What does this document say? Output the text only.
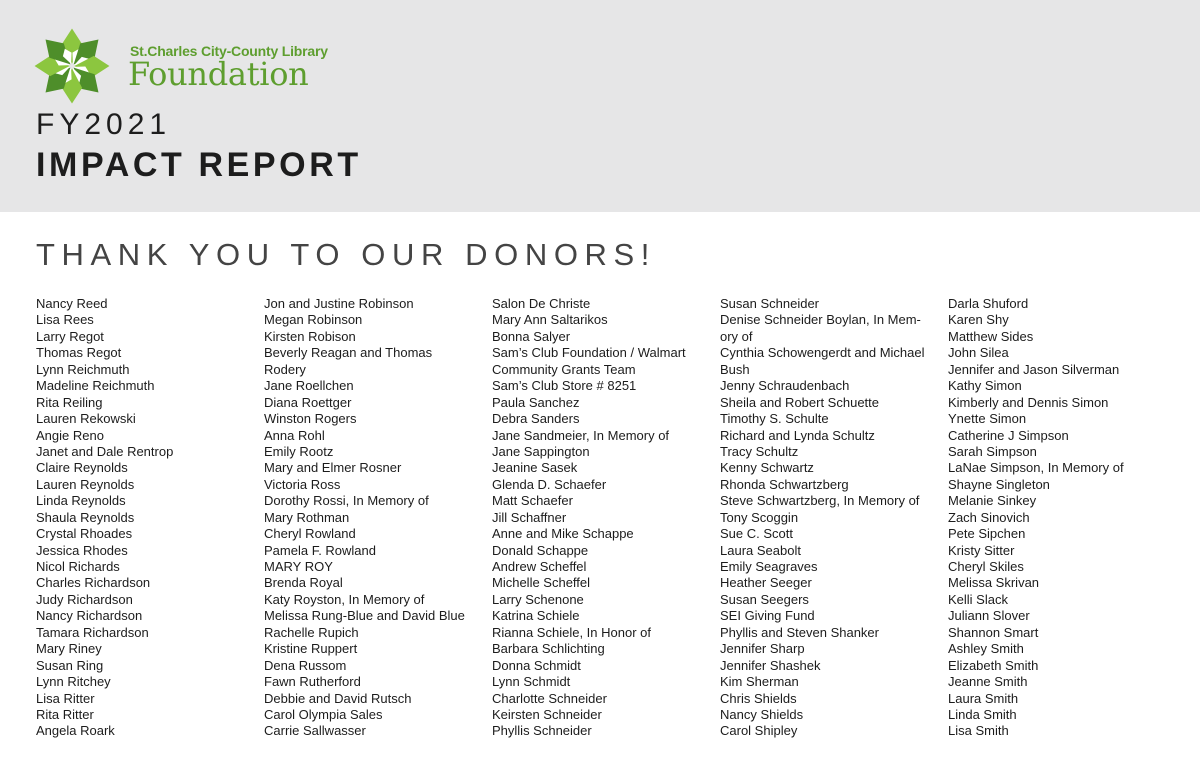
St.Charles City-County Library
Foundation
FY2021
IMPACT REPORT
THANK YOU TO OUR DONORS!
Nancy Reed
Lisa Rees
Larry Regot
Thomas Regot
Lynn Reichmuth
Madeline Reichmuth
Rita Reiling
Lauren Rekowski
Angie Reno
Janet and Dale Rentrop
Claire Reynolds
Lauren Reynolds
Linda Reynolds
Shaula Reynolds
Crystal Rhoades
Jessica Rhodes
Nicol Richards
Charles Richardson
Judy Richardson
Nancy Richardson
Tamara Richardson
Mary Riney
Susan Ring
Lynn Ritchey
Lisa Ritter
Rita Ritter
Angela Roark
Jon and Justine Robinson
Megan Robinson
Kirsten Robison
Beverly Reagan and Thomas
Rodery
Jane Roellchen
Diana Roettger
Winston Rogers
Anna Rohl
Emily Rootz
Mary and Elmer Rosner
Victoria Ross
Dorothy Rossi, In Memory of
Mary Rothman
Cheryl Rowland
Pamela F. Rowland
MARY ROY
Brenda Royal
Katy Royston, In Memory of
Melissa Rung-Blue and David Blue
Rachelle Rupich
Kristine Ruppert
Dena Russom
Fawn Rutherford
Debbie and David Rutsch
Carol Olympia Sales
Carrie Sallwasser
Salon De Christe
Mary Ann Saltarikos
Bonna Salyer
Sam’s Club Foundation / Walmart
Community Grants Team
Sam’s Club Store # 8251
Paula Sanchez
Debra Sanders
Jane Sandmeier, In Memory of
Jane Sappington
Jeanine Sasek
Glenda D. Schaefer
Matt Schaefer
Jill Schaffner
Anne and Mike Schappe
Donald Schappe
Andrew Scheffel
Michelle Scheffel
Larry Schenone
Katrina Schiele
Rianna Schiele, In Honor of
Barbara Schlichting
Donna Schmidt
Lynn Schmidt
Charlotte Schneider
Keirsten Schneider
Phyllis Schneider
Susan Schneider
Denise Schneider Boylan, In Mem-
ory of
Cynthia Schowengerdt and Michael
Bush
Jenny Schraudenbach
Sheila and Robert Schuette
Timothy S. Schulte
Richard and Lynda Schultz
Tracy Schultz
Kenny Schwartz
Rhonda Schwartzberg
Steve Schwartzberg, In Memory of
Tony Scoggin
Sue C. Scott
Laura Seabolt
Emily Seagraves
Heather Seeger
Susan Seegers
SEI Giving Fund
Phyllis and Steven Shanker
Jennifer Sharp
Jennifer Shashek
Kim Sherman
Chris Shields
Nancy Shields
Carol Shipley
Darla Shuford
Karen Shy
Matthew Sides
John Silea
Jennifer and Jason Silverman
Kathy Simon
Kimberly and Dennis Simon
Ynette Simon
Catherine J Simpson
Sarah Simpson
LaNae Simpson, In Memory of
Shayne Singleton
Melanie Sinkey
Zach Sinovich
Pete Sipchen
Kristy Sitter
Cheryl Skiles
Melissa Skrivan
Kelli Slack
Juliann Slover
Shannon Smart
Ashley Smith
Elizabeth Smith
Jeanne Smith
Laura Smith
Linda Smith
Lisa Smith
